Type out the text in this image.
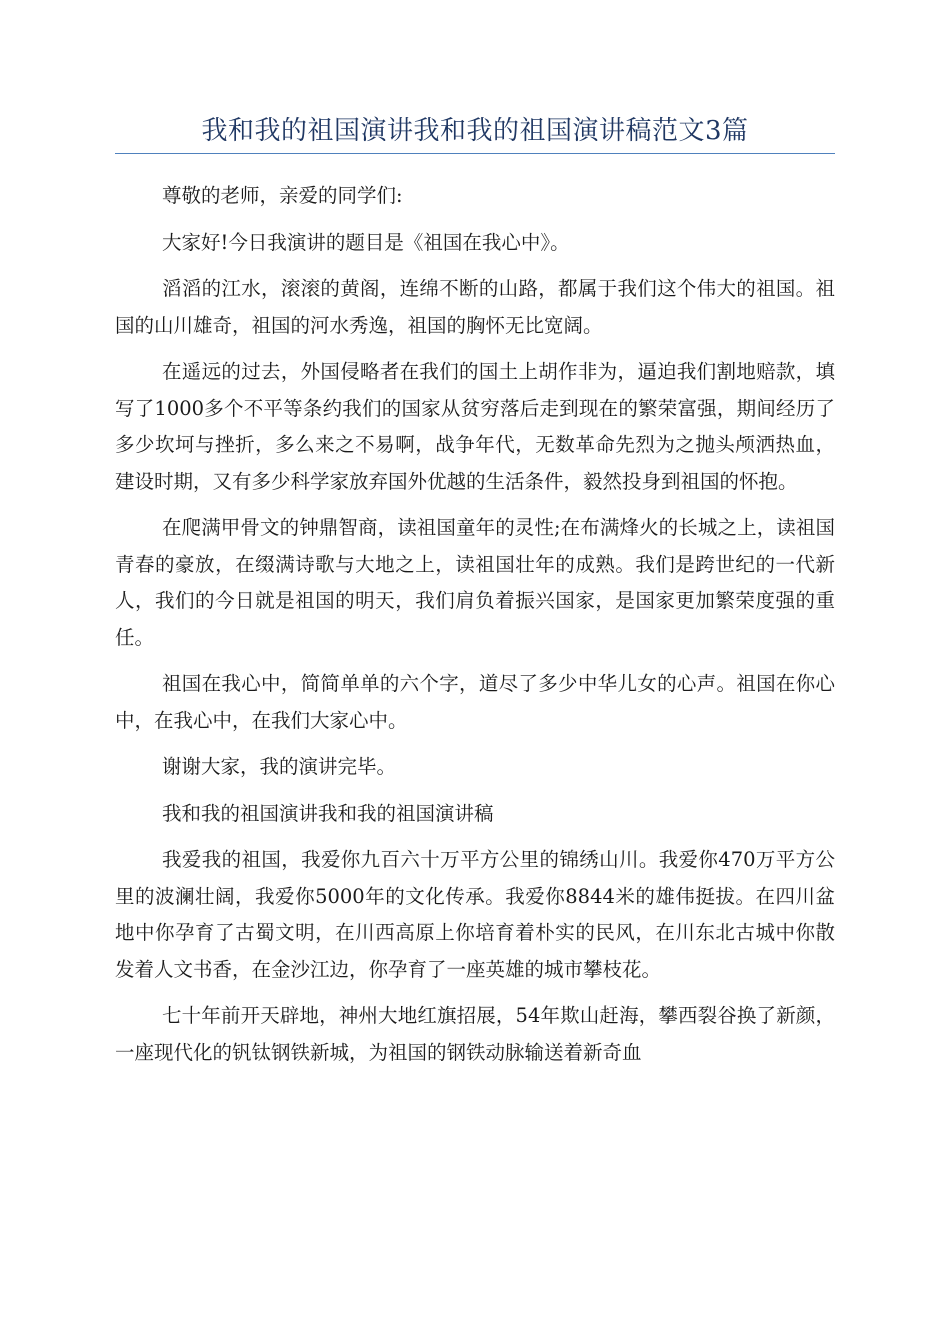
我和我的祖国演讲我和我的祖国演讲稿范文3篇

尊敬的老师，亲爱的同学们:

大家好!今日我演讲的题目是《祖国在我心中》。

滔滔的江水，滚滚的黄阁，连绵不断的山路，都属于我们这个伟大的祖国。祖国的山川雄奇，祖国的河水秀逸，祖国的胸怀无比宽阔。

在遥远的过去，外国侵略者在我们的国土上胡作非为，逼迫我们割地赔款，填写了1000多个不平等条约我们的国家从贫穷落后走到现在的繁荣富强，期间经历了多少坎坷与挫折，多么来之不易啊，战争年代，无数革命先烈为之抛头颅洒热血，建设时期，又有多少科学家放弃国外优越的生活条件，毅然投身到祖国的怀抱。

在爬满甲骨文的钟鼎智商，读祖国童年的灵性;在布满烽火的长城之上，读祖国青春的豪放，在缀满诗歌与大地之上，读祖国壮年的成熟。我们是跨世纪的一代新人，我们的今日就是祖国的明天，我们肩负着振兴国家，是国家更加繁荣度强的重任。

祖国在我心中，简简单单的六个字，道尽了多少中华儿女的心声。祖国在你心中，在我心中，在我们大家心中。

谢谢大家，我的演讲完毕。

我和我的祖国演讲我和我的祖国演讲稿

我爱我的祖国，我爱你九百六十万平方公里的锦绣山川。我爱你470万平方公里的波澜壮阔，我爱你5000年的文化传承。我爱你8844米的雄伟挺拔。在四川盆地中你孕育了古蜀文明，在川西高原上你培育着朴实的民风，在川东北古城中你散发着人文书香，在金沙江边，你孕育了一座英雄的城市攀枝花。

七十年前开天辟地，神州大地红旗招展，54年欺山赶海，攀西裂谷换了新颜，一座现代化的钒钛钢铁新城，为祖国的钢铁动脉输送着新奇血
